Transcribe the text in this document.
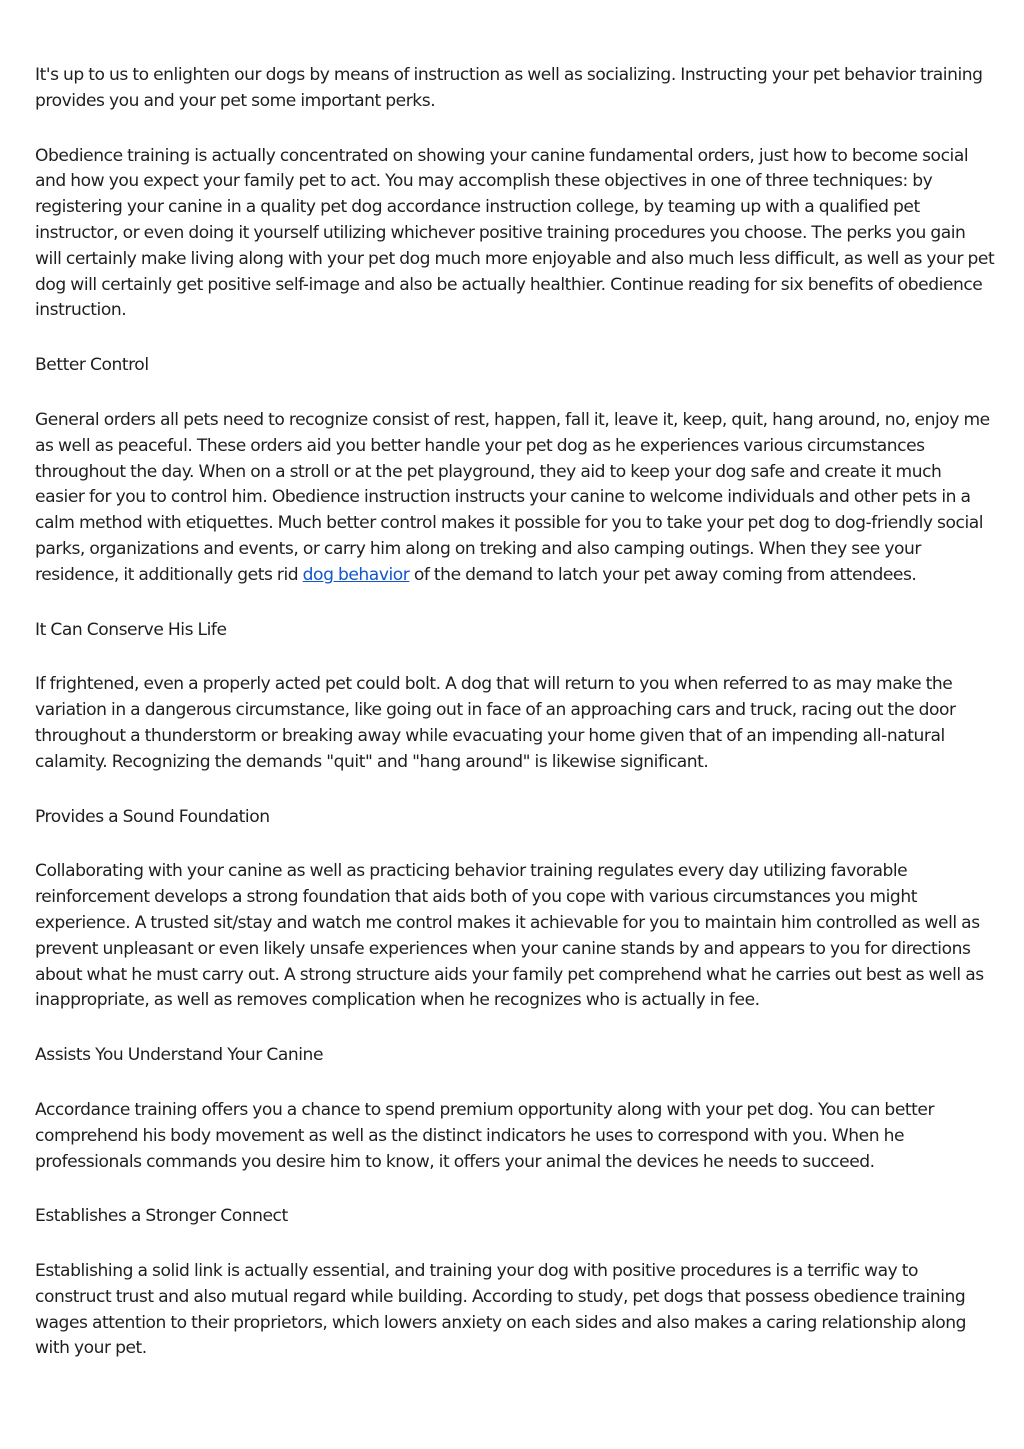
It's up to us to enlighten our dogs by means of instruction as well as socializing. Instructing your pet behavior training provides you and your pet some important perks.

Obedience training is actually concentrated on showing your canine fundamental orders, just how to become social and how you expect your family pet to act. You may accomplish these objectives in one of three techniques: by registering your canine in a quality pet dog accordance instruction college, by teaming up with a qualified pet instructor, or even doing it yourself utilizing whichever positive training procedures you choose. The perks you gain will certainly make living along with your pet dog much more enjoyable and also much less difficult, as well as your pet dog will certainly get positive self-image and also be actually healthier. Continue reading for six benefits of obedience instruction.

Better Control

General orders all pets need to recognize consist of rest, happen, fall it, leave it, keep, quit, hang around, no, enjoy me as well as peaceful. These orders aid you better handle your pet dog as he experiences various circumstances throughout the day. When on a stroll or at the pet playground, they aid to keep your dog safe and create it much easier for you to control him. Obedience instruction instructs your canine to welcome individuals and other pets in a calm method with etiquettes. Much better control makes it possible for you to take your pet dog to dog-friendly social parks, organizations and events, or carry him along on treking and also camping outings. When they see your residence, it additionally gets rid dog behavior of the demand to latch your pet away coming from attendees.

It Can Conserve His Life

If frightened, even a properly acted pet could bolt. A dog that will return to you when referred to as may make the variation in a dangerous circumstance, like going out in face of an approaching cars and truck, racing out the door throughout a thunderstorm or breaking away while evacuating your home given that of an impending all-natural calamity. Recognizing the demands "quit" and "hang around" is likewise significant.

Provides a Sound Foundation

Collaborating with your canine as well as practicing behavior training regulates every day utilizing favorable reinforcement develops a strong foundation that aids both of you cope with various circumstances you might experience. A trusted sit/stay and watch me control makes it achievable for you to maintain him controlled as well as prevent unpleasant or even likely unsafe experiences when your canine stands by and appears to you for directions about what he must carry out. A strong structure aids your family pet comprehend what he carries out best as well as inappropriate, as well as removes complication when he recognizes who is actually in fee.

Assists You Understand Your Canine

Accordance training offers you a chance to spend premium opportunity along with your pet dog. You can better comprehend his body movement as well as the distinct indicators he uses to correspond with you. When he professionals commands you desire him to know, it offers your animal the devices he needs to succeed.

Establishes a Stronger Connect

Establishing a solid link is actually essential, and training your dog with positive procedures is a terrific way to construct trust and also mutual regard while building. According to study, pet dogs that possess obedience training wages attention to their proprietors, which lowers anxiety on each sides and also makes a caring relationship along with your pet.
